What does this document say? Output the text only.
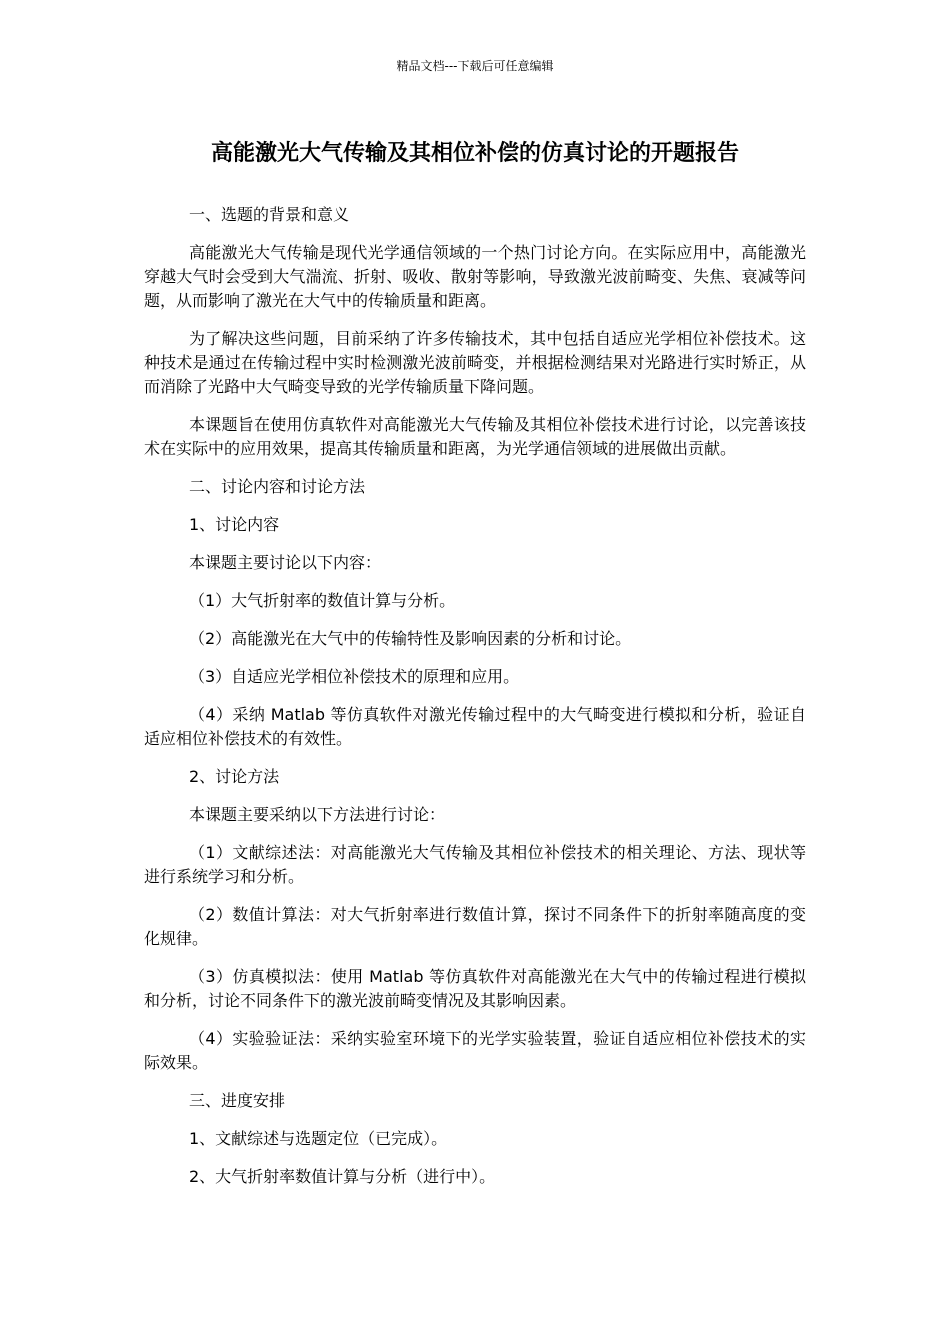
精品文档---下载后可任意编辑
高能激光大气传输及其相位补偿的仿真讨论的开题报告

一、选题的背景和意义

高能激光大气传输是现代光学通信领域的一个热门讨论方向。在实际应用中，高能激光穿越大气时会受到大气湍流、折射、吸收、散射等影响，导致激光波前畸变、失焦、衰减等问题，从而影响了激光在大气中的传输质量和距离。

为了解决这些问题，目前采纳了许多传输技术，其中包括自适应光学相位补偿技术。这种技术是通过在传输过程中实时检测激光波前畸变，并根据检测结果对光路进行实时矫正，从而消除了光路中大气畸变导致的光学传输质量下降问题。

本课题旨在使用仿真软件对高能激光大气传输及其相位补偿技术进行讨论，以完善该技术在实际中的应用效果，提高其传输质量和距离，为光学通信领域的进展做出贡献。

二、讨论内容和讨论方法

1、讨论内容

本课题主要讨论以下内容：

（1）大气折射率的数值计算与分析。

（2）高能激光在大气中的传输特性及影响因素的分析和讨论。

（3）自适应光学相位补偿技术的原理和应用。

（4）采纳 Matlab 等仿真软件对激光传输过程中的大气畸变进行模拟和分析，验证自适应相位补偿技术的有效性。

2、讨论方法

本课题主要采纳以下方法进行讨论：

（1）文献综述法：对高能激光大气传输及其相位补偿技术的相关理论、方法、现状等进行系统学习和分析。

（2）数值计算法：对大气折射率进行数值计算，探讨不同条件下的折射率随高度的变化规律。

（3）仿真模拟法：使用 Matlab 等仿真软件对高能激光在大气中的传输过程进行模拟和分析，讨论不同条件下的激光波前畸变情况及其影响因素。

（4）实验验证法：采纳实验室环境下的光学实验装置，验证自适应相位补偿技术的实际效果。

三、进度安排

1、文献综述与选题定位（已完成）。

2、大气折射率数值计算与分析（进行中）。
